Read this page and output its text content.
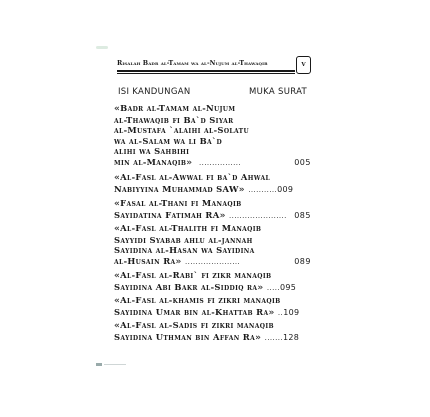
Risalah Badr al-Tamam wa al-Nujum al-Thawaqib	V
ISI KANDUNGAN	MUKA SURAT
«Badr al-Tamam al-Nujum
al-Thawaqib fi Ba`d Siyar
al-Mustafa `alaihi al-Solatu
wa al-Salam wa li Ba`d
alihi wa Sahbihi
min al-Manaqib» ................	005
«Al-Fasl al-Awwal fi ba`d Ahwal
Nabiyyina Muhammad SAW» ...........009
«Fasal al-Thani fi Manaqib
Sayidatina Fatimah RA» ...................... 085
«Al-Fasl al-Thalith fi Manaqib
Sayyidi Syabab ahlu al-jannah
Sayidina al-Hasan wa Sayidina
al-Husain Ra» .....................	089
«Al-Fasl al-Rabi` fi zikr manaqib
Sayidina Abi Bakr al-Siddiq ra» .....095
«Al-Fasl al-khamis fi zikri manaqib
Sayidina Umar bin al-Khattab Ra» ..109
«Al-Fasl al-Sadis fi zikri manaqib
Sayidina Uthman bin Affan Ra» .......128
